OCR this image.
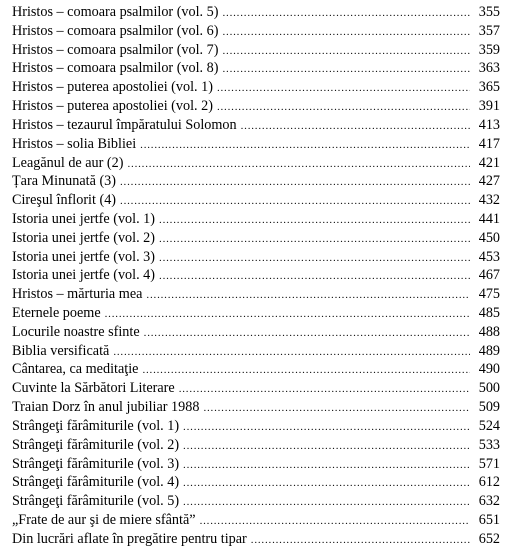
Hristos – comoara psalmilor (vol. 5) .....	355
Hristos – comoara psalmilor (vol. 6) .....	357
Hristos – comoara psalmilor (vol. 7) .....	359
Hristos – comoara psalmilor (vol. 8) .....	363
Hristos – puterea apostoliei (vol. 1) .....	365
Hristos – puterea apostoliei (vol. 2) .....	391
Hristos – tezaurul împăratului Solomon .....	413
Hristos – solia Bibliei .....	417
Leagănul de aur (2) .....	421
Țara Minunată (3) .....	427
Cireşul înflorit (4) .....	432
Istoria unei jertfe (vol. 1) .....	441
Istoria unei jertfe (vol. 2) .....	450
Istoria unei jertfe (vol. 3) .....	453
Istoria unei jertfe (vol. 4) .....	467
Hristos – mărturia mea .....	475
Eternele poeme .....	485
Locurile noastre sfinte .....	488
Biblia versificată .....	489
Cântarea, ca meditaţie .....	490
Cuvinte la Sărbători Literare .....	500
Traian Dorz în anul jubiliar 1988 .....	509
Strângeţi fărâmiturile (vol. 1) .....	524
Strângeţi fărâmiturile (vol. 2) .....	533
Strângeţi fărâmiturile (vol. 3) .....	571
Strângeţi fărâmiturile (vol. 4) .....	612
Strângeţi fărâmiturile (vol. 5) .....	632
„Frate de aur şi de miere sfântă” .....	651
Din lucrări aflate în pregătire pentru tipar .....	652
